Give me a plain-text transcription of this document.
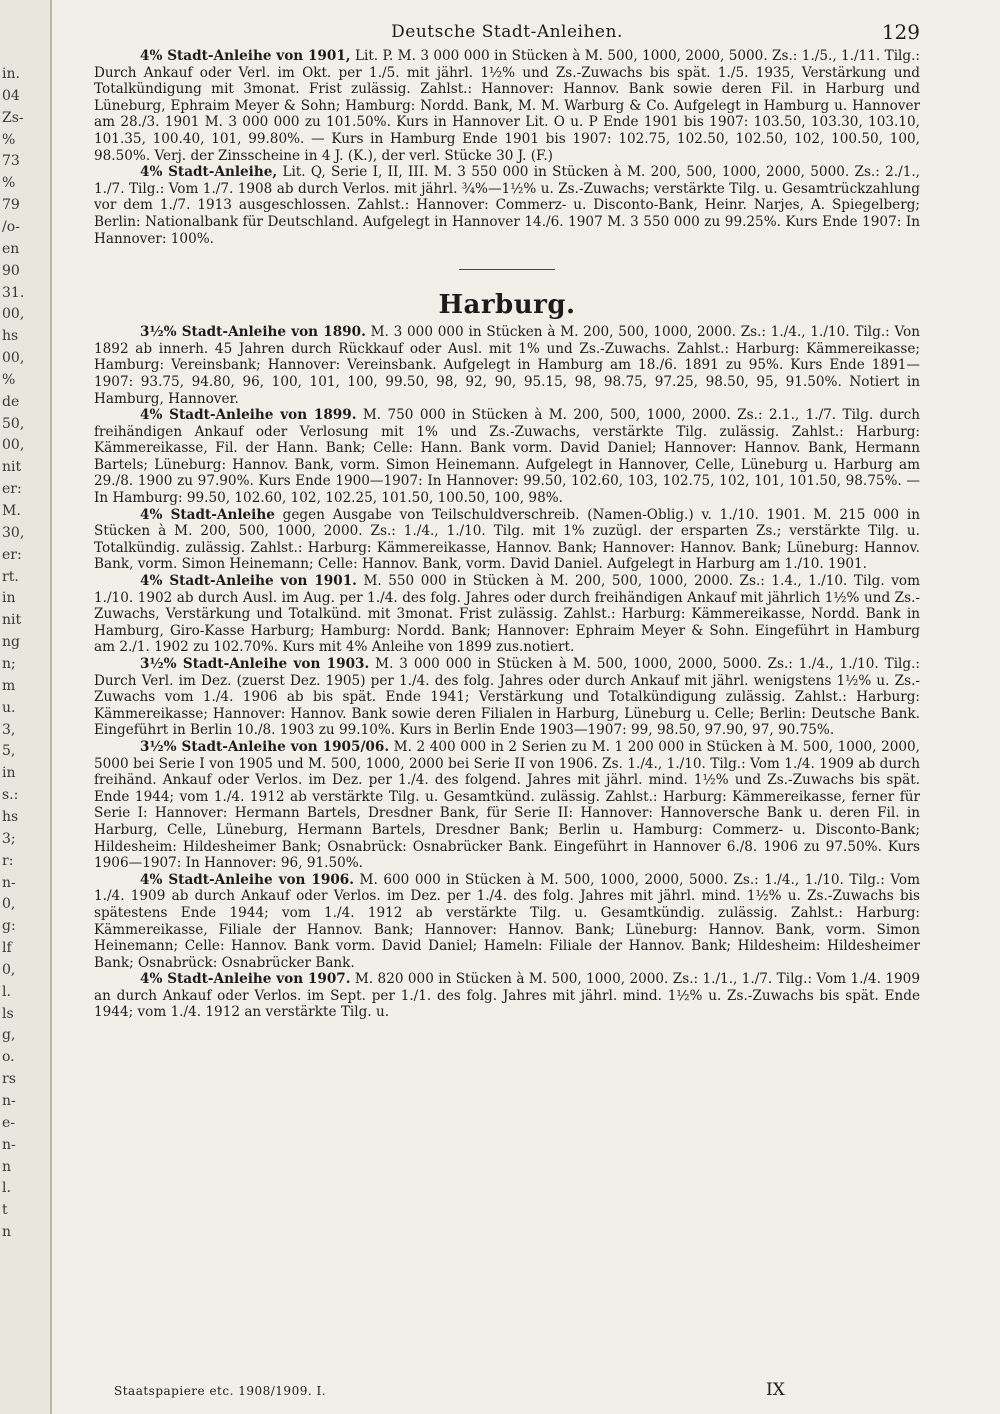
in.
04
Zs-
%
73
%
79
/o-
en
90
31.
00,
hs
00,
%
de
50,
00,
nit
er:
M.
30,
er:
rt.
in
nit
ng
n;
m
u.
3,
5,
in
s.:
hs
3;
r:
n-
0,
g:
lf
0,
l.
ls
g,
o.
rs
n-
e-
n-
n
l.
t
n
Deutsche Stadt-Anleihen.	129

4% Stadt-Anleihe von 1901, Lit. P. M. 3 000 000 in Stücken à M. 500, 1000, 2000, 5000. Zs.: 1./5., 1./11. Tilg.: Durch Ankauf oder Verl. im Okt. per 1./5. mit jährl. 1½% und Zs.-Zuwachs bis spät. 1./5. 1935, Verstärkung und Totalkündigung mit 3monat. Frist zulässig. Zahlst.: Hannover: Hannov. Bank sowie deren Fil. in Harburg und Lüneburg, Ephraim Meyer & Sohn; Hamburg: Nordd. Bank, M. M. Warburg & Co. Aufgelegt in Hamburg u. Hannover am 28./3. 1901 M. 3 000 000 zu 101.50%. Kurs in Hannover Lit. O u. P Ende 1901 bis 1907: 103.50, 103.30, 103.10, 101.35, 100.40, 101, 99.80%. — Kurs in Hamburg Ende 1901 bis 1907: 102.75, 102.50, 102.50, 102, 100.50, 100, 98.50%. Verj. der Zinsscheine in 4 J. (K.), der verl. Stücke 30 J. (F.)

4% Stadt-Anleihe, Lit. Q, Serie I, II, III. M. 3 550 000 in Stücken à M. 200, 500, 1000, 2000, 5000. Zs.: 2./1., 1./7. Tilg.: Vom 1./7. 1908 ab durch Verlos. mit jährl. ¾%—1½% u. Zs.-Zuwachs; verstärkte Tilg. u. Gesamtrückzahlung vor dem 1./7. 1913 ausgeschlossen. Zahlst.: Hannover: Commerz- u. Disconto-Bank, Heinr. Narjes, A. Spiegelberg; Berlin: Nationalbank für Deutschland. Aufgelegt in Hannover 14./6. 1907 M. 3 550 000 zu 99.25%. Kurs Ende 1907: In Hannover: 100%.

Harburg.

3½% Stadt-Anleihe von 1890. M. 3 000 000 in Stücken à M. 200, 500, 1000, 2000. Zs.: 1./4., 1./10. Tilg.: Von 1892 ab innerh. 45 Jahren durch Rückkauf oder Ausl. mit 1% und Zs.-Zuwachs. Zahlst.: Harburg: Kämmereikasse; Hamburg: Vereinsbank; Hannover: Vereinsbank. Aufgelegt in Hamburg am 18./6. 1891 zu 95%. Kurs Ende 1891—1907: 93.75, 94.80, 96, 100, 101, 100, 99.50, 98, 92, 90, 95.15, 98, 98.75, 97.25, 98.50, 95, 91.50%. Notiert in Hamburg, Hannover.

4% Stadt-Anleihe von 1899. M. 750 000 in Stücken à M. 200, 500, 1000, 2000. Zs.: 2.1., 1./7. Tilg. durch freihändigen Ankauf oder Verlosung mit 1% und Zs.-Zuwachs, verstärkte Tilg. zulässig. Zahlst.: Harburg: Kämmereikasse, Fil. der Hann. Bank; Celle: Hann. Bank vorm. David Daniel; Hannover: Hannov. Bank, Hermann Bartels; Lüneburg: Hannov. Bank, vorm. Simon Heinemann. Aufgelegt in Hannover, Celle, Lüneburg u. Harburg am 29./8. 1900 zu 97.90%. Kurs Ende 1900—1907: In Hannover: 99.50, 102.60, 103, 102.75, 102, 101, 101.50, 98.75%. — In Hamburg: 99.50, 102.60, 102, 102.25, 101.50, 100.50, 100, 98%.

4% Stadt-Anleihe gegen Ausgabe von Teilschuldverschreib. (Namen-Oblig.) v. 1./10. 1901. M. 215 000 in Stücken à M. 200, 500, 1000, 2000. Zs.: 1./4., 1./10. Tilg. mit 1% zuzügl. der ersparten Zs.; verstärkte Tilg. u. Totalkündig. zulässig. Zahlst.: Harburg: Kämmereikasse, Hannov. Bank; Hannover: Hannov. Bank; Lüneburg: Hannov. Bank, vorm. Simon Heinemann; Celle: Hannov. Bank, vorm. David Daniel. Aufgelegt in Harburg am 1./10. 1901.

4% Stadt-Anleihe von 1901. M. 550 000 in Stücken à M. 200, 500, 1000, 2000. Zs.: 1.4., 1./10. Tilg. vom 1./10. 1902 ab durch Ausl. im Aug. per 1./4. des folg. Jahres oder durch freihändigen Ankauf mit jährlich 1½% und Zs.-Zuwachs, Verstärkung und Totalkünd. mit 3monat. Frist zulässig. Zahlst.: Harburg: Kämmereikasse, Nordd. Bank in Hamburg, Giro-Kasse Harburg; Hamburg: Nordd. Bank; Hannover: Ephraim Meyer & Sohn. Eingeführt in Hamburg am 2./1. 1902 zu 102.70%. Kurs mit 4% Anleihe von 1899 zus.notiert.

3½% Stadt-Anleihe von 1903. M. 3 000 000 in Stücken à M. 500, 1000, 2000, 5000. Zs.: 1./4., 1./10. Tilg.: Durch Verl. im Dez. (zuerst Dez. 1905) per 1./4. des folg. Jahres oder durch Ankauf mit jährl. wenigstens 1½% u. Zs.-Zuwachs vom 1./4. 1906 ab bis spät. Ende 1941; Verstärkung und Totalkündigung zulässig. Zahlst.: Harburg: Kämmereikasse; Hannover: Hannov. Bank sowie deren Filialen in Harburg, Lüneburg u. Celle; Berlin: Deutsche Bank. Eingeführt in Berlin 10./8. 1903 zu 99.10%. Kurs in Berlin Ende 1903—1907: 99, 98.50, 97.90, 97, 90.75%.

3½% Stadt-Anleihe von 1905/06. M. 2 400 000 in 2 Serien zu M. 1 200 000 in Stücken à M. 500, 1000, 2000, 5000 bei Serie I von 1905 und M. 500, 1000, 2000 bei Serie II von 1906. Zs. 1./4., 1./10. Tilg.: Vom 1./4. 1909 ab durch freihänd. Ankauf oder Verlos. im Dez. per 1./4. des folgend. Jahres mit jährl. mind. 1½% und Zs.-Zuwachs bis spät. Ende 1944; vom 1./4. 1912 ab verstärkte Tilg. u. Gesamtkünd. zulässig. Zahlst.: Harburg: Kämmereikasse, ferner für Serie I: Hannover: Hermann Bartels, Dresdner Bank, für Serie II: Hannover: Hannoversche Bank u. deren Fil. in Harburg, Celle, Lüneburg, Hermann Bartels, Dresdner Bank; Berlin u. Hamburg: Commerz- u. Disconto-Bank; Hildesheim: Hildesheimer Bank; Osnabrück: Osnabrücker Bank. Eingeführt in Hannover 6./8. 1906 zu 97.50%. Kurs 1906—1907: In Hannover: 96, 91.50%.

4% Stadt-Anleihe von 1906. M. 600 000 in Stücken à M. 500, 1000, 2000, 5000. Zs.: 1./4., 1./10. Tilg.: Vom 1./4. 1909 ab durch Ankauf oder Verlos. im Dez. per 1./4. des folg. Jahres mit jährl. mind. 1½% u. Zs.-Zuwachs bis spätestens Ende 1944; vom 1./4. 1912 ab verstärkte Tilg. u. Gesamtkündig. zulässig. Zahlst.: Harburg: Kämmereikasse, Filiale der Hannov. Bank; Hannover: Hannov. Bank; Lüneburg: Hannov. Bank, vorm. Simon Heinemann; Celle: Hannov. Bank vorm. David Daniel; Hameln: Filiale der Hannov. Bank; Hildesheim: Hildesheimer Bank; Osnabrück: Osnabrücker Bank.

4% Stadt-Anleihe von 1907. M. 820 000 in Stücken à M. 500, 1000, 2000. Zs.: 1./1., 1./7. Tilg.: Vom 1./4. 1909 an durch Ankauf oder Verlos. im Sept. per 1./1. des folg. Jahres mit jährl. mind. 1½% u. Zs.-Zuwachs bis spät. Ende 1944; vom 1./4. 1912 an verstärkte Tilg. u.

Staatspapiere etc. 1908/1909. I.	IX
